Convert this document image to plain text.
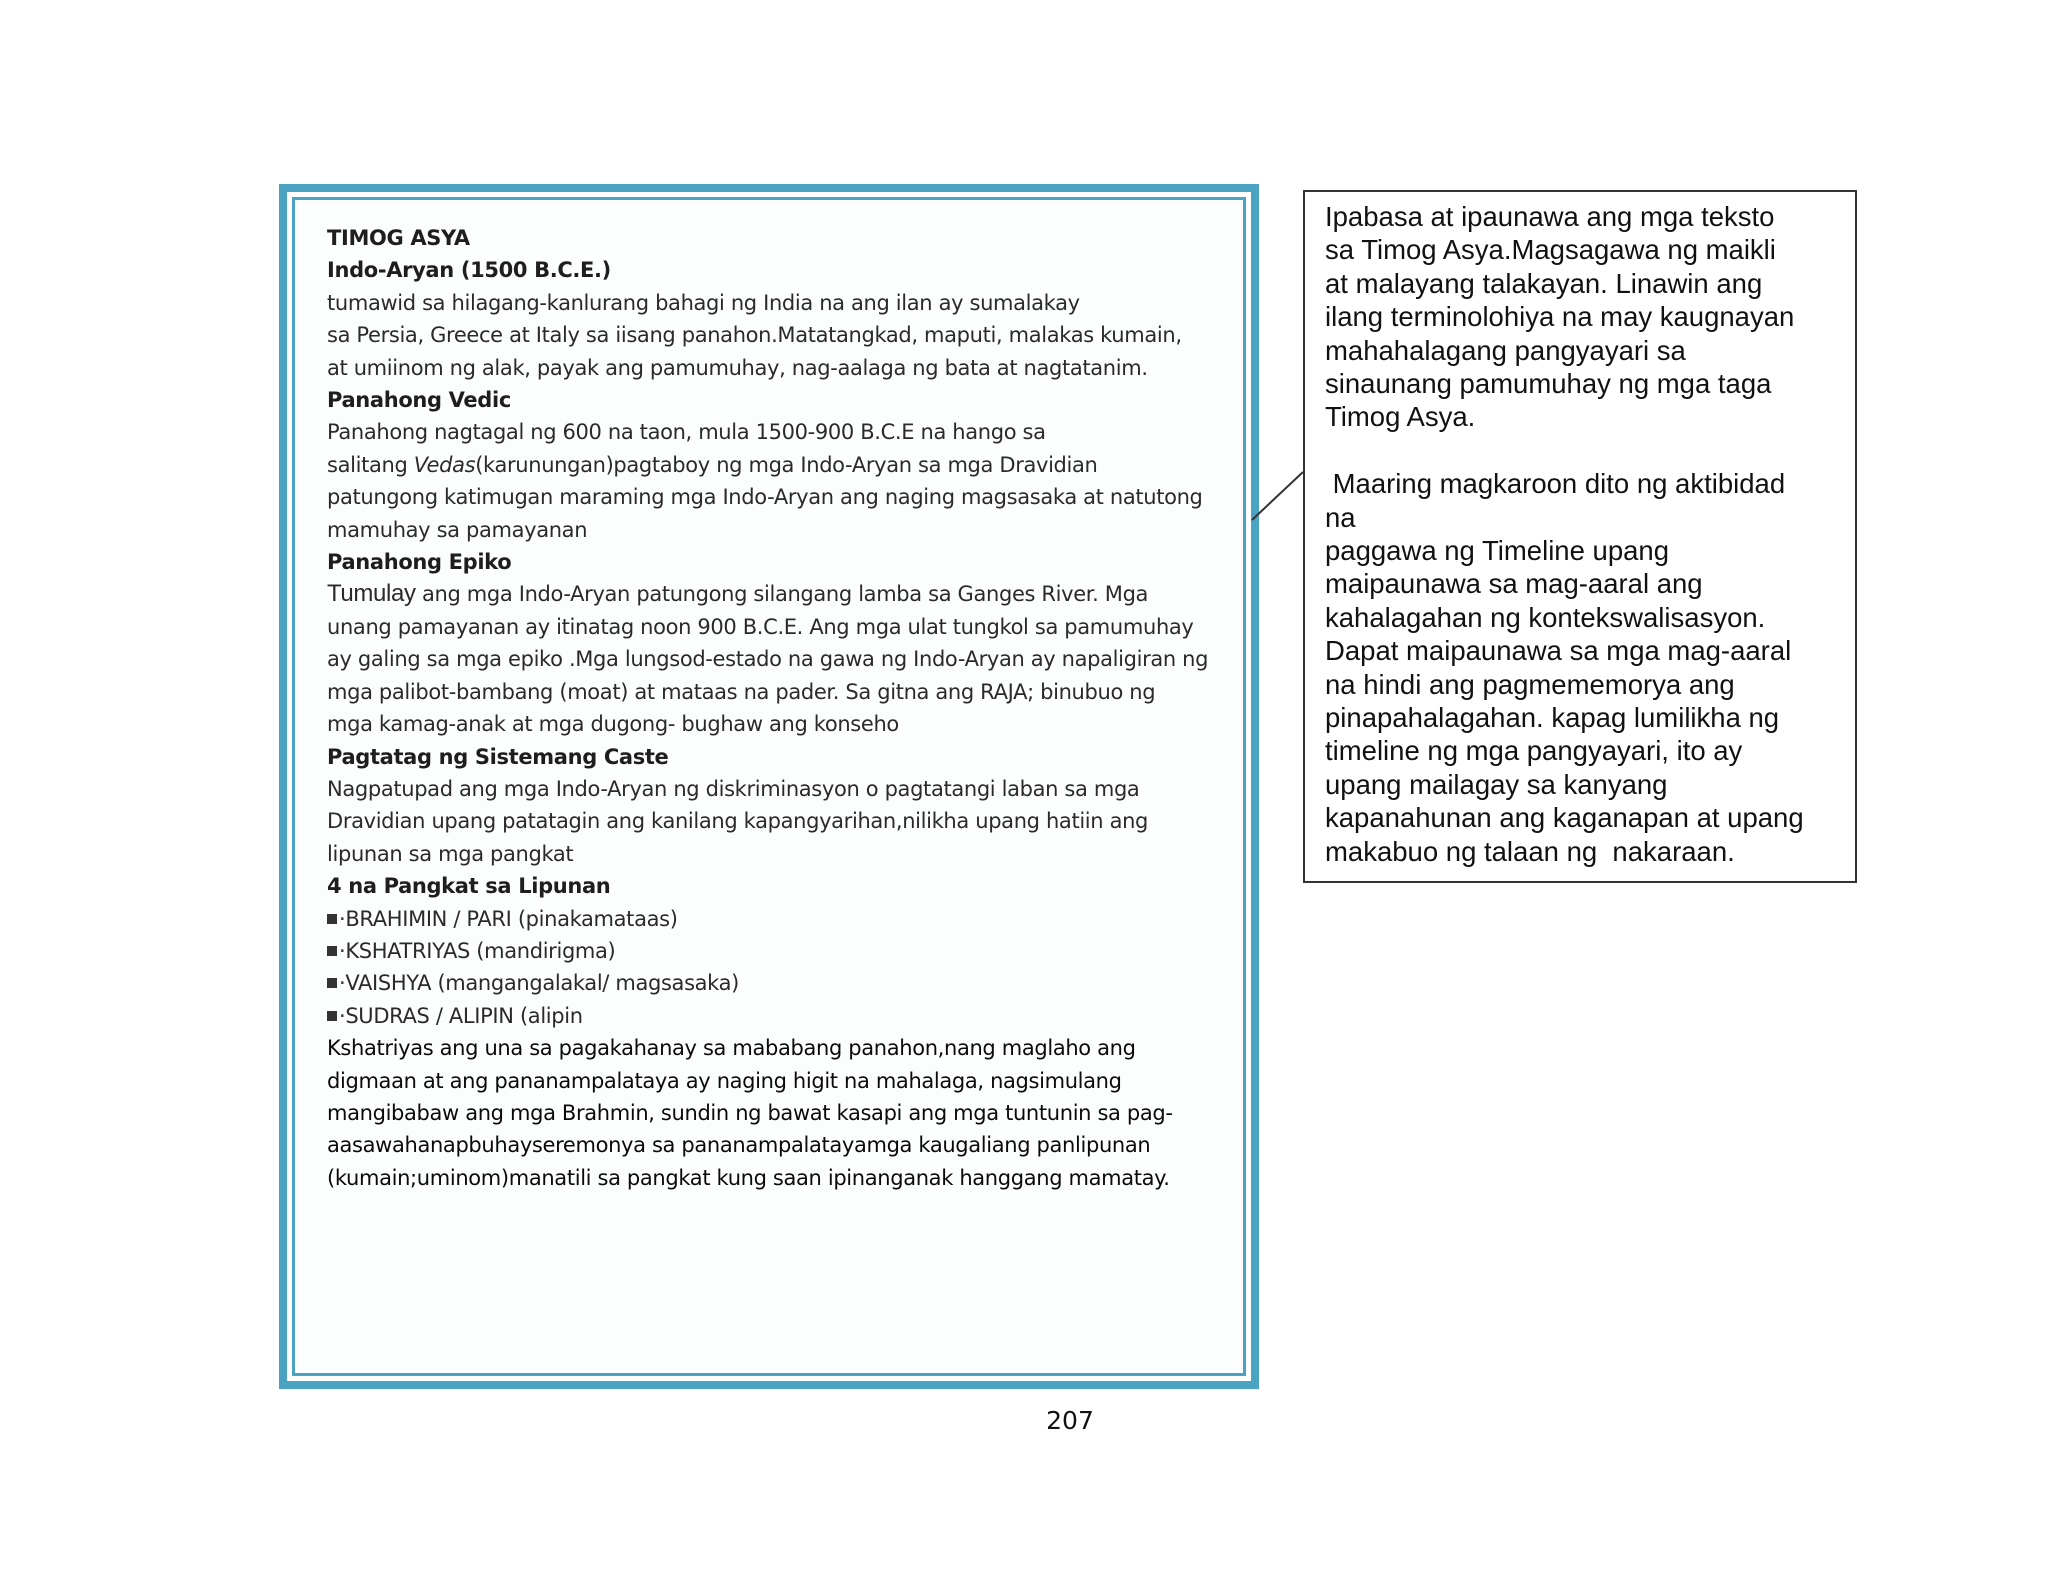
TIMOG ASYA
Indo-Aryan (1500 B.C.E.)
tumawid sa hilagang-kanlurang bahagi ng India na ang ilan ay sumalakay
sa Persia, Greece at Italy sa iisang panahon.Matatangkad, maputi, malakas kumain,
at umiinom ng alak, payak ang pamumuhay, nag-aalaga ng bata at nagtatanim.
Panahong Vedic
Panahong nagtagal ng 600 na taon, mula 1500-900 B.C.E na hango sa
salitang Vedas(karunungan)pagtaboy ng mga Indo-Aryan sa mga Dravidian
patungong katimugan maraming mga Indo-Aryan ang naging magsasaka at natutong
mamuhay sa pamayanan
Panahong Epiko
Tumulay ang mga Indo-Aryan patungong silangang lamba sa Ganges River. Mga
unang pamayanan ay itinatag noon 900 B.C.E. Ang mga ulat tungkol sa pamumuhay
ay galing sa mga epiko .Mga lungsod-estado na gawa ng Indo-Aryan ay napaligiran ng
mga palibot-bambang (moat) at mataas na pader. Sa gitna ang RAJA; binubuo ng
mga kamag-anak at mga dugong- bughaw ang konseho
Pagtatag ng Sistemang Caste
Nagpatupad ang mga Indo-Aryan ng diskriminasyon o pagtatangi laban sa mga
Dravidian upang patatagin ang kanilang kapangyarihan,nilikha upang hatiin ang
lipunan sa mga pangkat
4 na Pangkat sa Lipunan
·BRAHIMIN / PARI (pinakamataas)
·KSHATRIYAS (mandirigma)
·VAISHYA (mangangalakal/ magsasaka)
·SUDRAS / ALIPIN (alipin
Kshatriyas ang una sa pagakahanay sa mababang panahon,nang maglaho ang
digmaan at ang pananampalataya ay naging higit na mahalaga, nagsimulang
mangibabaw ang mga Brahmin, sundin ng bawat kasapi ang mga tuntunin sa pag-
aasawahanapbuhayseremonya sa pananampalatayamga kaugaliang panlipunan
(kumain;uminom)manatili sa pangkat kung saan ipinanganak hanggang mamatay.
Ipabasa at ipaunawa ang mga teksto
sa Timog Asya.Magsagawa ng maikli
at malayang talakayan. Linawin ang
ilang terminolohiya na may kaugnayan
mahahalagang pangyayari sa
sinaunang pamumuhay ng mga taga
Timog Asya.
Maaring magkaroon dito ng aktibidad
na
paggawa ng Timeline upang
maipaunawa sa mag-aaral ang
kahalagahan ng kontekswalisasyon.
Dapat maipaunawa sa mga mag-aaral
na hindi ang pagmememorya ang
pinapahalagahan. kapag lumilikha ng
timeline ng mga pangyayari, ito ay
upang mailagay sa kanyang
kapanahunan ang kaganapan at upang
makabuo ng talaan ng  nakaraan.
207
